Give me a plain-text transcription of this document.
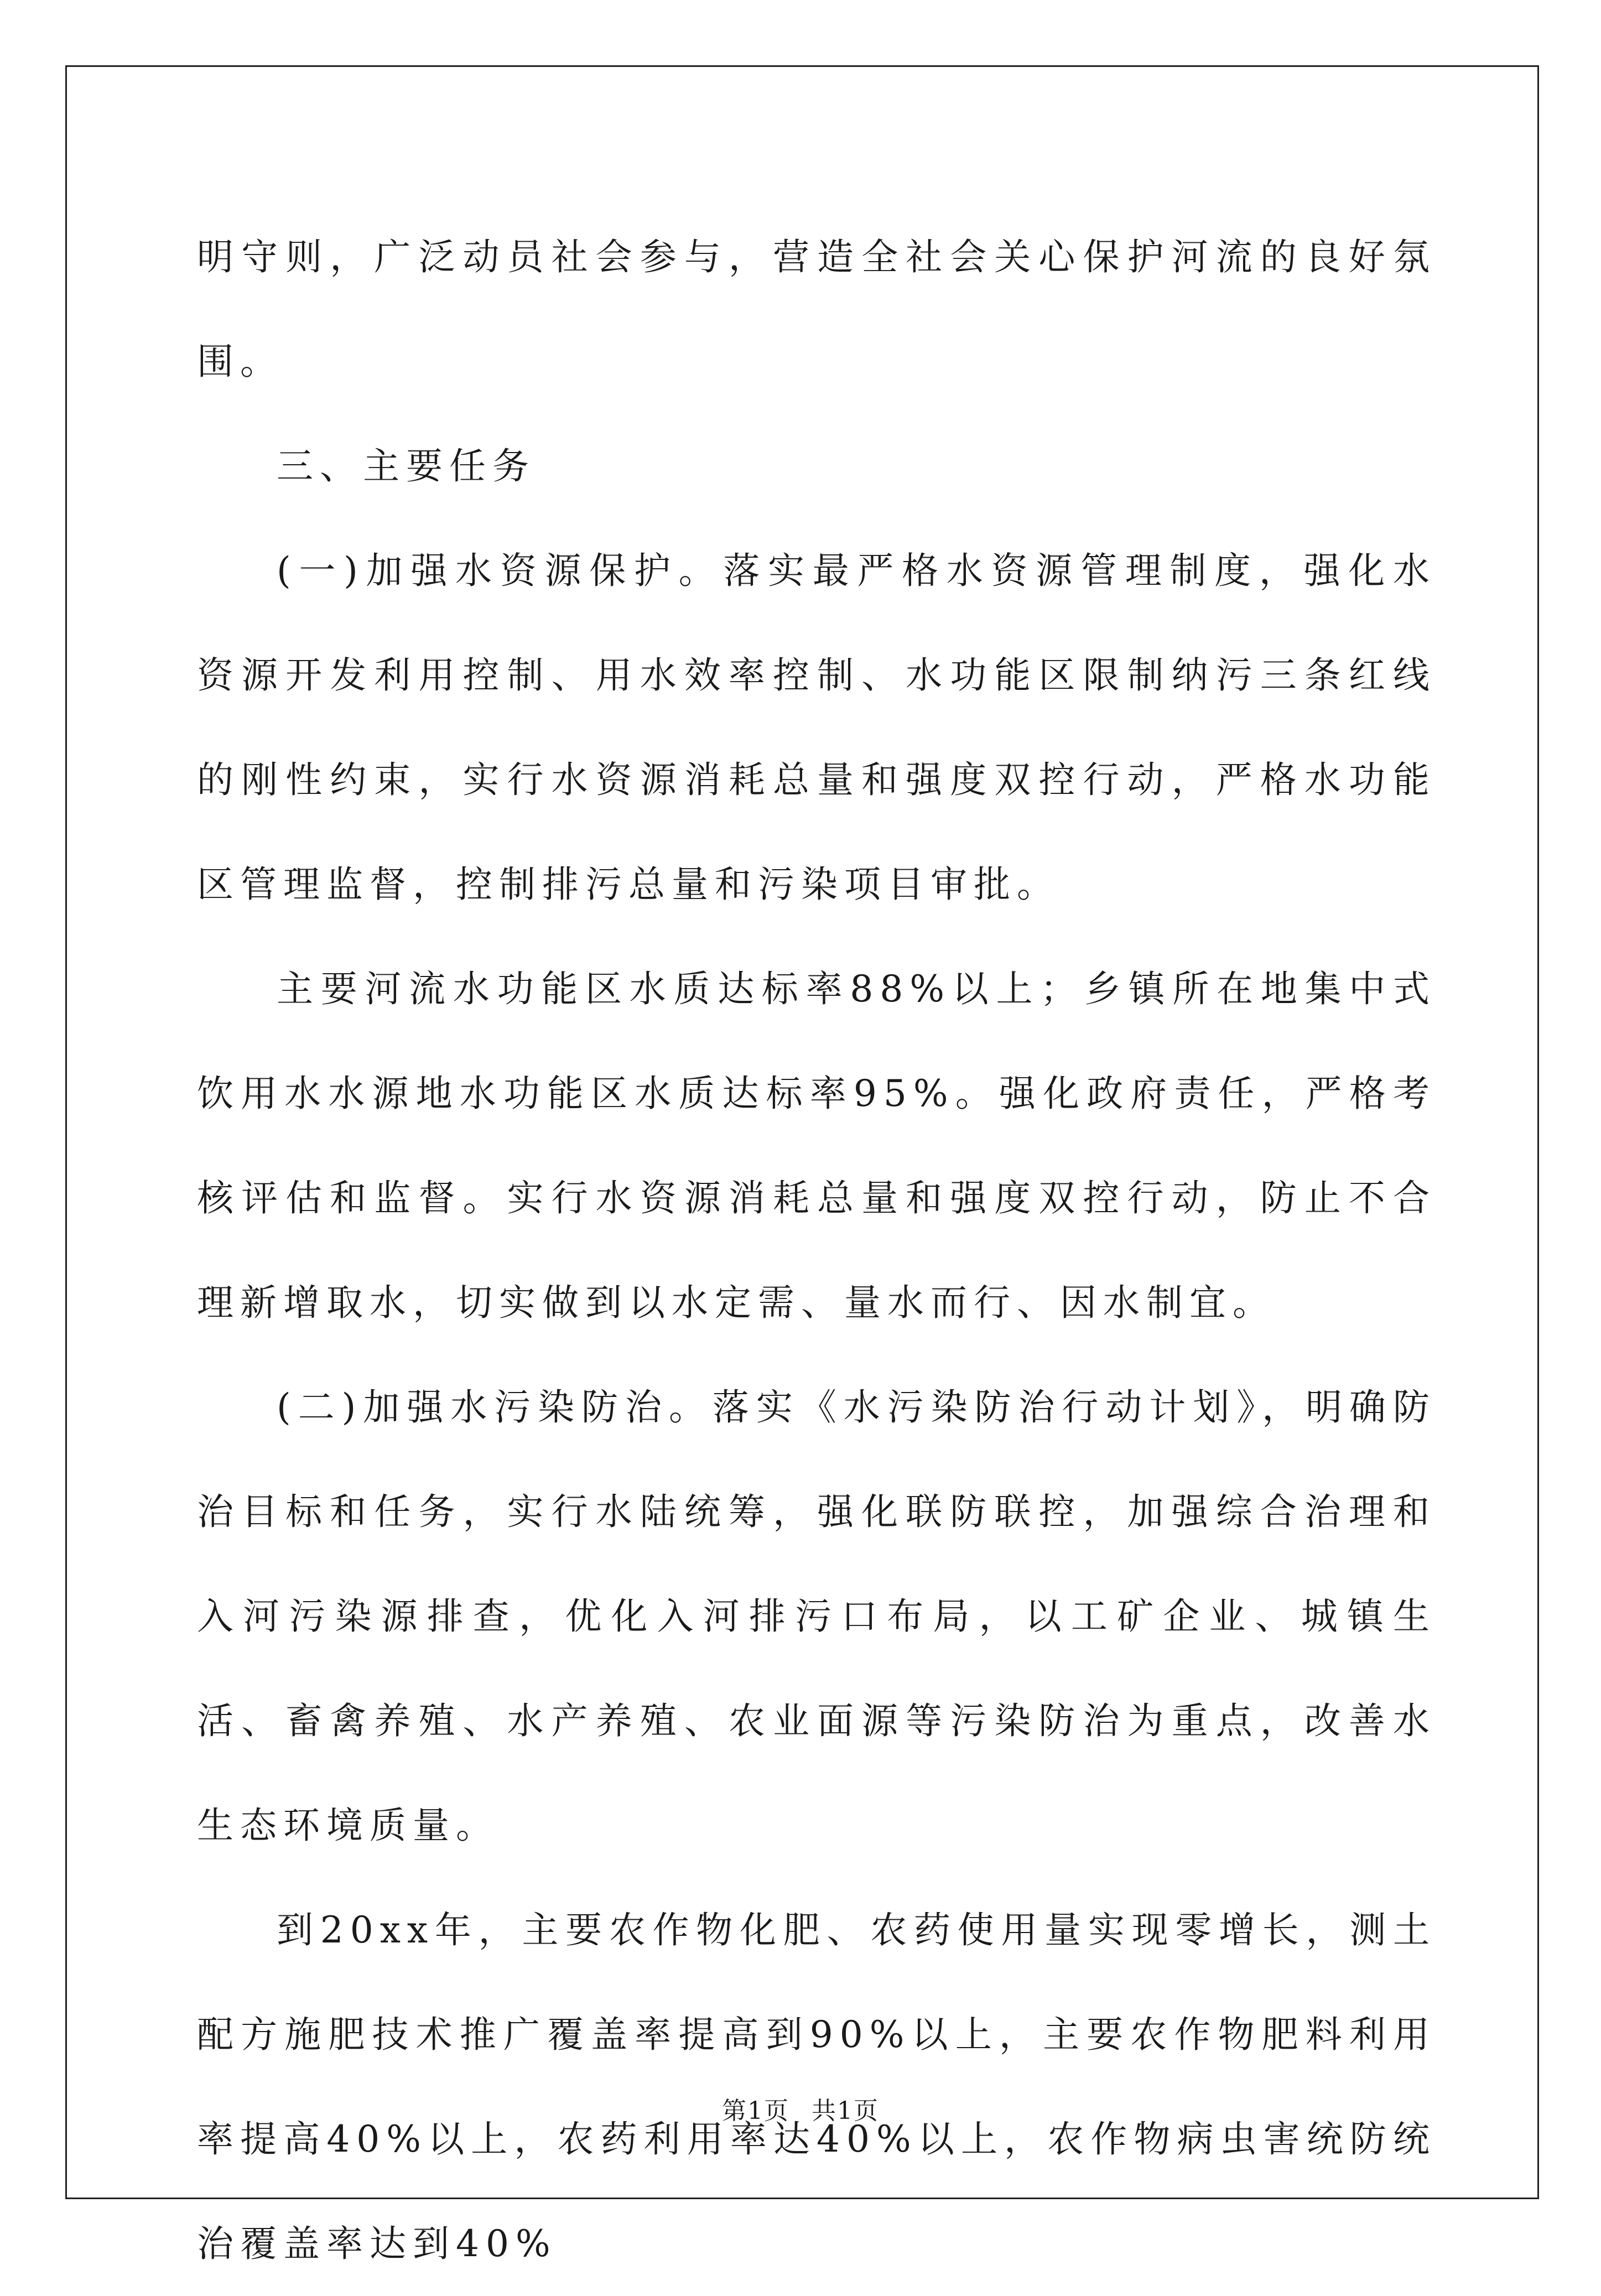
明守则，广泛动员社会参与，营造全社会关心保护河流的良好氛围。

三、主要任务

(一)加强水资源保护。落实最严格水资源管理制度，强化水资源开发利用控制、用水效率控制、水功能区限制纳污三条红线的刚性约束，实行水资源消耗总量和强度双控行动，严格水功能区管理监督，控制排污总量和污染项目审批。

主要河流水功能区水质达标率88%以上；乡镇所在地集中式饮用水水源地水功能区水质达标率95%。强化政府责任，严格考核评估和监督。实行水资源消耗总量和强度双控行动，防止不合理新增取水，切实做到以水定需、量水而行、因水制宜。

(二)加强水污染防治。落实《水污染防治行动计划》，明确防治目标和任务，实行水陆统筹，强化联防联控，加强综合治理和入河污染源排查，优化入河排污口布局，以工矿企业、城镇生活、畜禽养殖、水产养殖、农业面源等污染防治为重点，改善水生态环境质量。

到20xx年，主要农作物化肥、农药使用量实现零增长，测土配方施肥技术推广覆盖率提高到90%以上，主要农作物肥料利用率提高40%以上，农药利用率达40%以上，农作物病虫害统防统治覆盖率达到40%

第1页 共1页
